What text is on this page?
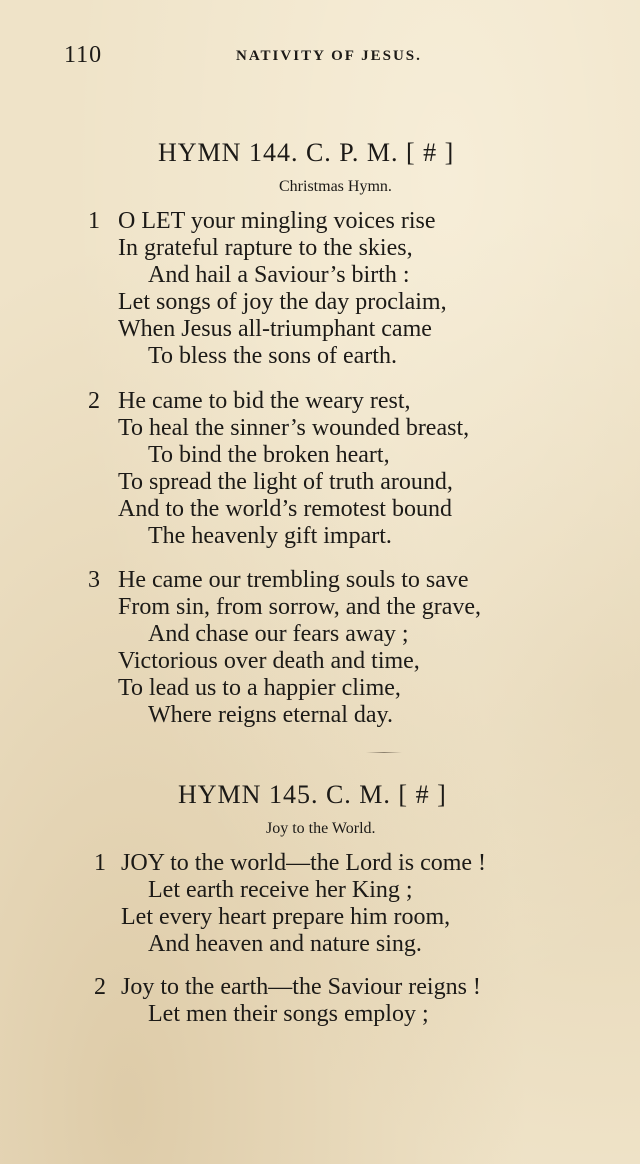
110	NATIVITY OF JESUS.
HYMN 144. C. P. M. [ # ]
Christmas Hymn.
1 O LET your mingling voices rise
In grateful rapture to the skies,
And hail a Saviour’s birth :
Let songs of joy the day proclaim,
When Jesus all-triumphant came
To bless the sons of earth.
2 He came to bid the weary rest,
To heal the sinner’s wounded breast,
To bind the broken heart,
To spread the light of truth around,
And to the world’s remotest bound
The heavenly gift impart.
3 He came our trembling souls to save
From sin, from sorrow, and the grave,
And chase our fears away ;
Victorious over death and time,
To lead us to a happier clime,
Where reigns eternal day.
HYMN 145. C. M. [ # ]
Joy to the World.
1 JOY to the world—the Lord is come !
Let earth receive her King ;
Let every heart prepare him room,
And heaven and nature sing.
2 Joy to the earth—the Saviour reigns !
Let men their songs employ ;
